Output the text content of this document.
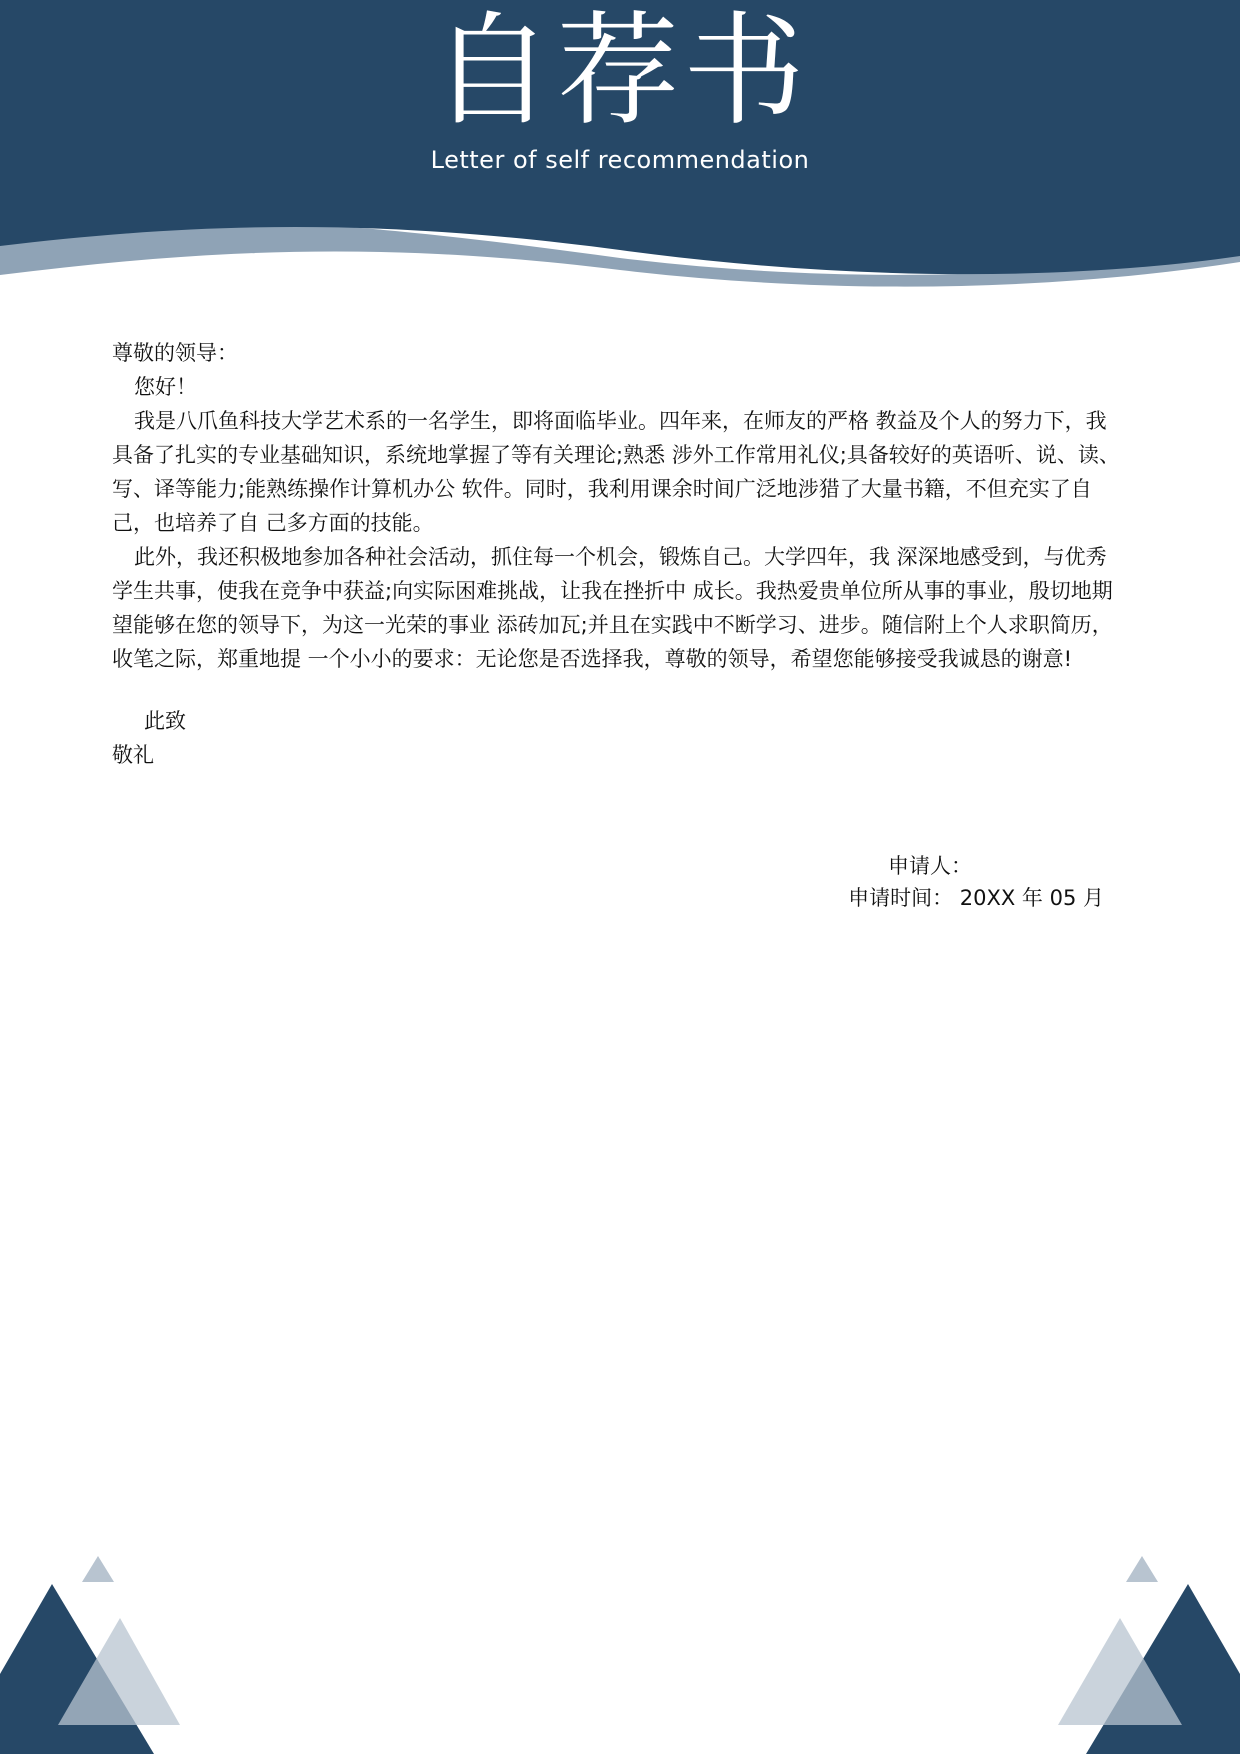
自荐书

Letter of self recommendation

尊敬的领导：

您好！

我是八爪鱼科技大学艺术系的一名学生，即将面临毕业。四年来，在师友的严格 教益及个人的努力下，我具备了扎实的专业基础知识，系统地掌握了等有关理论;熟悉 涉外工作常用礼仪;具备较好的英语听、说、读、写、译等能力;能熟练操作计算机办公 软件。同时，我利用课余时间广泛地涉猎了大量书籍，不但充实了自己，也培养了自 己多方面的技能。

此外，我还积极地参加各种社会活动，抓住每一个机会，锻炼自己。大学四年，我 深深地感受到，与优秀学生共事，使我在竞争中获益;向实际困难挑战，让我在挫折中 成长。我热爱贵单位所从事的事业，殷切地期望能够在您的领导下，为这一光荣的事业 添砖加瓦;并且在实践中不断学习、进步。随信附上个人求职简历，收笔之际，郑重地提 一个小小的要求：无论您是否选择我，尊敬的领导，希望您能够接受我诚恳的谢意!

此致

敬礼

申请人：

申请时间： 20XX 年 05 月
